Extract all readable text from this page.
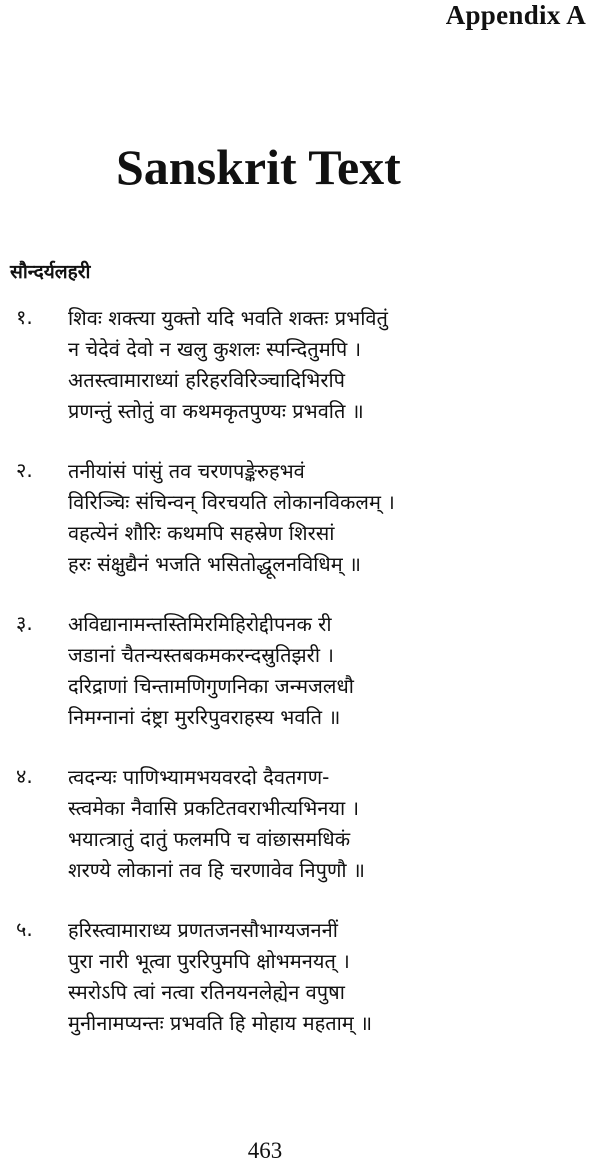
Appendix A
Sanskrit Text
सौन्दर्यलहरी
१. शिवः शक्त्या युक्तो यदि भवति शक्तः प्रभवितुं
न चेदेवं देवो न खलु कुशलः स्पन्दितुमपि ।
अतस्त्वामाराध्यां हरिहरविरिञ्चादिभिरपि
प्रणन्तुं स्तोतुं वा कथमकृतपुण्यः प्रभवति ॥
२. तनीयांसं पांसुं तव चरणपङ्केरुहभवं
विरिञ्चिः संचिन्वन् विरचयति लोकानविकलम् ।
वहत्येनं शौरिः कथमपि सहस्रेण शिरसां
हरः संक्षुद्यैनं भजति भसितोद्धूलनविधिम् ॥
३. अविद्यानामन्तस्तिमिरमिहिरोद्दीपनक री
जडानां चैतन्यस्तबकमकरन्दस्रुतिझरी ।
दरिद्राणां चिन्तामणिगुणनिका जन्मजलधौ
निमग्नानां दंष्ट्रा मुररिपुवराहस्य भवति ॥
४. त्वदन्यः पाणिभ्यामभयवरदो दैवतगण-
स्त्वमेका नैवासि प्रकटितवराभीत्यभिनया ।
भयात्त्रातुं दातुं फलमपि च वांछासमधिकं
शरण्ये लोकानां तव हि चरणावेव निपुणौ ॥
५. हरिस्त्वामाराध्य प्रणतजनसौभाग्यजननीं
पुरा नारी भूत्वा पुररिपुमपि क्षोभमनयत् ।
स्मरोऽपि त्वां नत्वा रतिनयनलेह्येन वपुषा
मुनीनामप्यन्तः प्रभवति हि मोहाय महताम् ॥
463
